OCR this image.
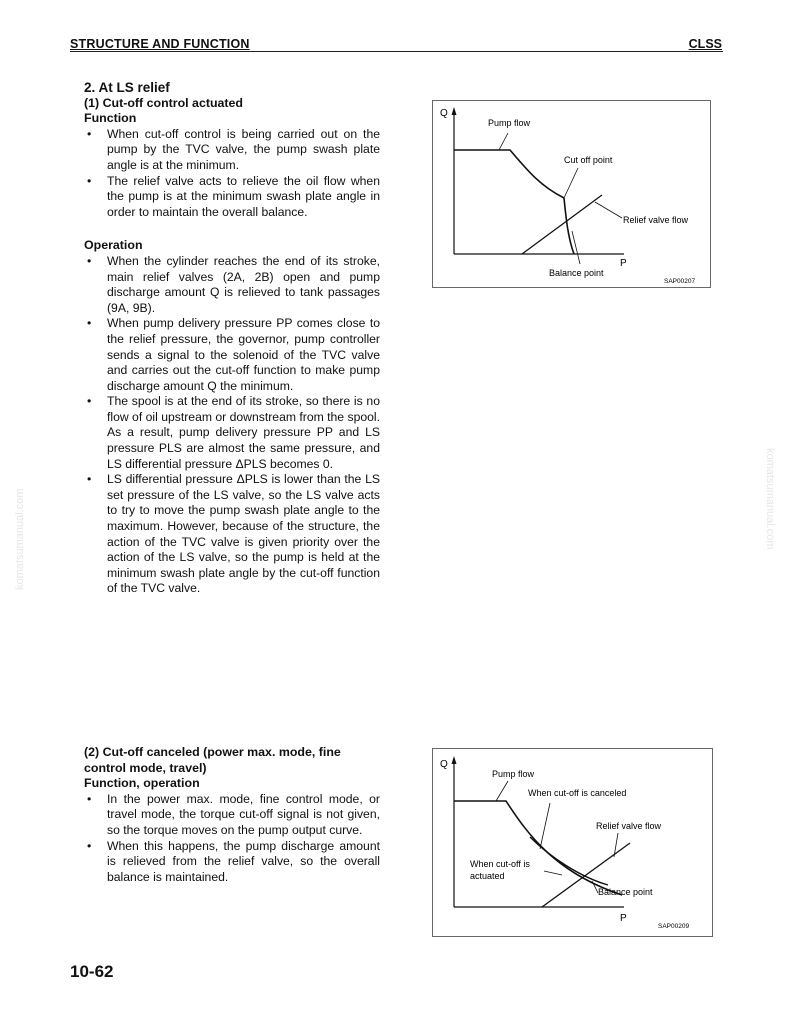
STRUCTURE AND FUNCTION	CLSS
2. At LS relief
(1) Cut-off control actuated
Function
• When cut-off control is being carried out on the pump by the TVC valve, the pump swash plate angle is at the minimum.
• The relief valve acts to relieve the oil flow when the pump is at the minimum swash plate angle in order to maintain the overall balance.
Operation
• When the cylinder reaches the end of its stroke, main relief valves (2A, 2B) open and pump discharge amount Q is relieved to tank passages (9A, 9B).
• When pump delivery pressure PP comes close to the relief pressure, the governor, pump controller sends a signal to the solenoid of the TVC valve and carries out the cut-off function to make pump discharge amount Q the minimum.
• The spool is at the end of its stroke, so there is no flow of oil upstream or downstream from the spool. As a result, pump delivery pressure PP and LS pressure PLS are almost the same pressure, and LS differential pressure ΔPLS becomes 0.
• LS differential pressure ΔPLS is lower than the LS set pressure of the LS valve, so the LS valve acts to try to move the pump swash plate angle to the maximum. However, because of the structure, the action of the TVC valve is given priority over the action of the LS valve, so the pump is held at the minimum swash plate angle by the cut-off function of the TVC valve.
(2) Cut-off canceled (power max. mode, fine control mode, travel)
Function, operation
• In the power max. mode, fine control mode, or travel mode, the torque cut-off signal is not given, so the torque moves on the pump output curve.
• When this happens, the pump discharge amount is relieved from the relief valve, so the overall balance is maintained.
Q
P
Pump flow
Cut off point
Relief valve flow
Balance point
SAP00207
Q
P
Pump flow
When cut-off is canceled
Relief valve flow
When cut-off is
actuated
Balance point
SAP00209
komatsumanual.com	komatsumanual.com
10-62
